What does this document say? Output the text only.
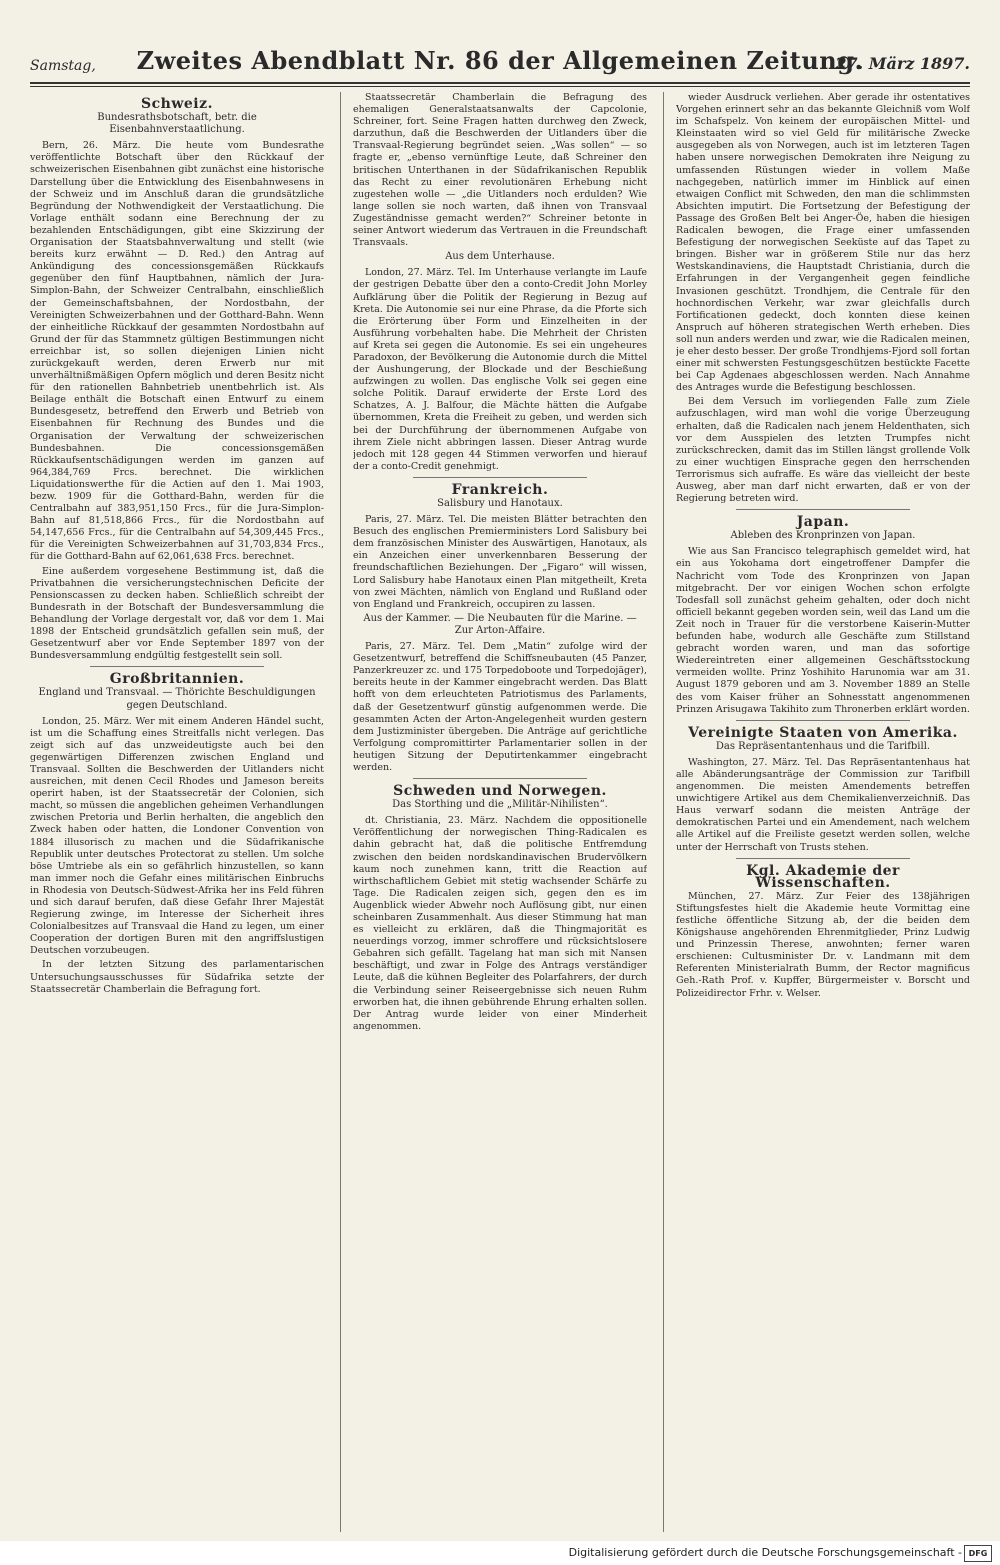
Samstag,	Zweites Abendblatt Nr. 86 der Allgemeinen Zeitung.
27. März 1897.
Schweiz.
Bundesrathsbotschaft, betr. die Eisenbahnverstaatlichung.

Bern, 26. März. Die heute vom Bundesrathe veröffentlichte Botschaft über den Rückkauf der schweizerischen Eisenbahnen gibt zunächst eine historische Darstellung über die Entwicklung des Eisenbahnwesens in der Schweiz und im Anschluß daran die grundsätzliche Begründung der Nothwendigkeit der Verstaatlichung. Die Vorlage enthält sodann eine Berechnung der zu bezahlenden Entschädigungen, gibt eine Skizzirung der Organisation der Staatsbahnverwaltung und stellt (wie bereits kurz erwähnt — D. Red.) den Antrag auf Ankündigung des concessionsgemäßen Rückkaufs gegenüber den fünf Hauptbahnen, nämlich der Jura-Simplon-Bahn, der Schweizer Centralbahn, einschließlich der Gemeinschaftsbahnen, der Nordostbahn, der Vereinigten Schweizerbahnen und der Gotthard-Bahn. Wenn der einheitliche Rückkauf der gesammten Nordostbahn auf Grund der für das Stammnetz gültigen Bestimmungen nicht erreichbar ist, so sollen diejenigen Linien nicht zurückgekauft werden, deren Erwerb nur mit unverhältnißmäßigen Opfern möglich und deren Besitz nicht für den rationellen Bahnbetrieb unentbehrlich ist. Als Beilage enthält die Botschaft einen Entwurf zu einem Bundesgesetz, betreffend den Erwerb und Betrieb von Eisenbahnen für Rechnung des Bundes und die Organisation der Verwaltung der schweizerischen Bundesbahnen. Die concessionsgemäßen Rückkaufsentschädigungen werden im ganzen auf 964,384,769 Frcs. berechnet. Die wirklichen Liquidationswerthe für die Actien auf den 1. Mai 1903, bezw. 1909 für die Gotthard-Bahn, werden für die Centralbahn auf 383,951,150 Frcs., für die Jura-Simplon-Bahn auf 81,518,866 Frcs., für die Nordostbahn auf 54,147,656 Frcs., für die Centralbahn auf 54,309,445 Frcs., für die Vereinigten Schweizerbahnen auf 31,703,834 Frcs., für die Gotthard-Bahn auf 62,061,638 Frcs. berechnet.

Eine außerdem vorgesehene Bestimmung ist, daß die Privatbahnen die versicherungstechnischen Deficite der Pensionscassen zu decken haben. Schließlich schreibt der Bundesrath in der Botschaft der Bundesversammlung die Behandlung der Vorlage dergestalt vor, daß vor dem 1. Mai 1898 der Entscheid grundsätzlich gefallen sein muß, der Gesetzentwurf aber vor Ende September 1897 von der Bundesversammlung endgültig festgestellt sein soll.

Großbritannien.
England und Transvaal. — Thörichte Beschuldigungen gegen Deutschland.

London, 25. März. Wer mit einem Anderen Händel sucht, ist um die Schaffung eines Streitfalls nicht verlegen. Das zeigt sich auf das unzweideutigste auch bei den gegenwärtigen Differenzen zwischen England und Transvaal. Sollten die Beschwerden der Uitlanders nicht ausreichen, mit denen Cecil Rhodes und Jameson bereits operirt haben, ist der Staatssecretär der Colonien, sich macht, so müssen die angeblichen geheimen Verhandlungen zwischen Pretoria und Berlin herhalten, die angeblich den Zweck haben oder hatten, die Londoner Convention von 1884 illusorisch zu machen und die Südafrikanische Republik unter deutsches Protectorat zu stellen. Um solche böse Umtriebe als ein so gefährlich hinzustellen, so kann man immer noch die Gefahr eines militärischen Einbruchs in Rhodesia von Deutsch-Südwest-Afrika her ins Feld führen und sich darauf berufen, daß diese Gefahr Ihrer Majestät Regierung zwinge, im Interesse der Sicherheit ihres Colonialbesitzes auf Transvaal die Hand zu legen, um einer Cooperation der dortigen Buren mit den angriffslustigen Deutschen vorzubeugen.

In der letzten Sitzung des parlamentarischen Untersuchungsausschusses für Südafrika setzte der Staatssecretär Chamberlain die Befragung fort.

Staatssecretär Chamberlain die Befragung des ehemaligen Generalstaatsanwalts der Capcolonie, Schreiner, fort. Seine Fragen hatten durchweg den Zweck, darzuthun, daß die Beschwerden der Uitlanders über die Transvaal-Regierung begründet seien. „Was sollen“ — so fragte er, „ebenso vernünftige Leute, daß Schreiner den britischen Unterthanen in der Südafrikanischen Republik das Recht zu einer revolutionären Erhebung nicht zugestehen wolle — „die Uitlanders noch erdulden? Wie lange sollen sie noch warten, daß ihnen von Transvaal Zugeständnisse gemacht werden?“ Schreiner betonte in seiner Antwort wiederum das Vertrauen in die Freundschaft Transvaals.

Aus dem Unterhause.

London, 27. März. Tel. Im Unterhause verlangte im Laufe der gestrigen Debatte über den a conto-Credit John Morley Aufklärung über die Politik der Regierung in Bezug auf Kreta. Die Autonomie sei nur eine Phrase, da die Pforte sich die Erörterung über Form und Einzelheiten in der Ausführung vorbehalten habe. Die Mehrheit der Christen auf Kreta sei gegen die Autonomie. Es sei ein ungeheures Paradoxon, der Bevölkerung die Autonomie durch die Mittel der Aushungerung, der Blockade und der Beschießung aufzwingen zu wollen. Das englische Volk sei gegen eine solche Politik. Darauf erwiderte der Erste Lord des Schatzes, A. J. Balfour, die Mächte hätten die Aufgabe übernommen, Kreta die Freiheit zu geben, und werden sich bei der Durchführung der übernommenen Aufgabe von ihrem Ziele nicht abbringen lassen. Dieser Antrag wurde jedoch mit 128 gegen 44 Stimmen verworfen und hierauf der a conto-Credit genehmigt.

Frankreich.
Salisbury und Hanotaux.

Paris, 27. März. Tel. Die meisten Blätter betrachten den Besuch des englischen Premierministers Lord Salisbury bei dem französischen Minister des Auswärtigen, Hanotaux, als ein Anzeichen einer unverkennbaren Besserung der freundschaftlichen Beziehungen. Der „Figaro“ will wissen, Lord Salisbury habe Hanotaux einen Plan mitgetheilt, Kreta von zwei Mächten, nämlich von England und Rußland oder von England und Frankreich, occupiren zu lassen.

Aus der Kammer. — Die Neubauten für die Marine. — Zur Arton-Affaire.

Paris, 27. März. Tel. Dem „Matin“ zufolge wird der Gesetzentwurf, betreffend die Schiffsneubauten (45 Panzer, Panzerkreuzer zc. und 175 Torpedoboote und Torpedojäger), bereits heute in der Kammer eingebracht werden. Das Blatt hofft von dem erleuchteten Patriotismus des Parlaments, daß der Gesetzentwurf günstig aufgenommen werde. Die gesammten Acten der Arton-Angelegenheit wurden gestern dem Justizminister übergeben. Die Anträge auf gerichtliche Verfolgung compromittirter Parlamentarier sollen in der heutigen Sitzung der Deputirtenkammer eingebracht werden.

Schweden und Norwegen.
Das Storthing und die „Militär-Nihilisten“.

dt. Christiania, 23. März. Nachdem die oppositionelle Veröffentlichung der norwegischen Thing-Radicalen es dahin gebracht hat, daß die politische Entfremdung zwischen den beiden nordskandinavischen Brudervölkern kaum noch zunehmen kann, tritt die Reaction auf wirthschaftlichem Gebiet mit stetig wachsender Schärfe zu Tage. Die Radicalen zeigen sich, gegen den es im Augenblick wieder Abwehr noch Auflösung gibt, nur einen scheinbaren Zusammenhalt. Aus dieser Stimmung hat man es vielleicht zu erklären, daß die Thingmajorität es neuerdings vorzog, immer schroffere und rücksichtslosere Gebahren sich gefällt. Tagelang hat man sich mit Nansen beschäftigt, und zwar in Folge des Antrags verständiger Leute, daß die kühnen Begleiter des Polarfahrers, der durch die Verbindung seiner Reiseergebnisse sich neuen Ruhm erworben hat, die ihnen gebührende Ehrung erhalten sollen. Der Antrag wurde leider von einer Minderheit angenommen.

wieder Ausdruck verliehen. Aber gerade ihr ostentatives Vorgehen erinnert sehr an das bekannte Gleichniß vom Wolf im Schafspelz. Von keinem der europäischen Mittel- und Kleinstaaten wird so viel Geld für militärische Zwecke ausgegeben als von Norwegen, auch ist im letzteren Tagen haben unsere norwegischen Demokraten ihre Neigung zu umfassenden Rüstungen wieder in vollem Maße nachgegeben, natürlich immer im Hinblick auf einen etwaigen Conflict mit Schweden, den man die schlimmsten Absichten imputirt. Die Fortsetzung der Befestigung der Passage des Großen Belt bei Anger-Öe, haben die hiesigen Radicalen bewogen, die Frage einer umfassenden Befestigung der norwegischen Seeküste auf das Tapet zu bringen. Bisher war in größerem Stile nur das herz Westskandinaviens, die Hauptstadt Christiania, durch die Erfahrungen in der Vergangenheit gegen feindliche Invasionen geschützt. Trondhjem, die Centrale für den hochnordischen Verkehr, war zwar gleichfalls durch Fortificationen gedeckt, doch konnten diese keinen Anspruch auf höheren strategischen Werth erheben. Dies soll nun anders werden und zwar, wie die Radicalen meinen, je eher desto besser. Der große Trondhjems-Fjord soll fortan einer mit schwersten Festungsgeschützen bestückte Facette bei Cap Agdenaes abgeschlossen werden. Nach Annahme des Antrages wurde die Befestigung beschlossen.

Bei dem Versuch im vorliegenden Falle zum Ziele aufzuschlagen, wird man wohl die vorige Überzeugung erhalten, daß die Radicalen nach jenem Heldenthaten, sich vor dem Ausspielen des letzten Trumpfes nicht zurückschrecken, damit das im Stillen längst grollende Volk zu einer wuchtigen Einsprache gegen den herrschenden Terrorismus sich aufraffe. Es wäre das vielleicht der beste Ausweg, aber man darf nicht erwarten, daß er von der Regierung betreten wird.

Japan.
Ableben des Kronprinzen von Japan.

Wie aus San Francisco telegraphisch gemeldet wird, hat ein aus Yokohama dort eingetroffener Dampfer die Nachricht vom Tode des Kronprinzen von Japan mitgebracht. Der vor einigen Wochen schon erfolgte Todesfall soll zunächst geheim gehalten, oder doch nicht officiell bekannt gegeben worden sein, weil das Land um die Zeit noch in Trauer für die verstorbene Kaiserin-Mutter befunden habe, wodurch alle Geschäfte zum Stillstand gebracht worden waren, und man das sofortige Wiedereintreten einer allgemeinen Geschäftsstockung vermeiden wollte. Prinz Yoshihito Harunomia war am 31. August 1879 geboren und am 3. November 1889 an Stelle des vom Kaiser früher an Sohnesstatt angenommenen Prinzen Arisugawa Takihito zum Thronerben erklärt worden.

Vereinigte Staaten von Amerika.
Das Repräsentantenhaus und die Tarifbill.

Washington, 27. März. Tel. Das Repräsentantenhaus hat alle Abänderungsanträge der Commission zur Tarifbill angenommen. Die meisten Amendements betreffen unwichtigere Artikel aus dem Chemikalienverzeichniß. Das Haus verwarf sodann die meisten Anträge der demokratischen Partei und ein Amendement, nach welchem alle Artikel auf die Freiliste gesetzt werden sollen, welche unter der Herrschaft von Trusts stehen.

Kgl. Akademie der Wissenschaften.

München, 27. März. Zur Feier des 138jährigen Stiftungsfestes hielt die Akademie heute Vormittag eine festliche öffentliche Sitzung ab, der die beiden dem Königshause angehörenden Ehrenmitglieder, Prinz Ludwig und Prinzessin Therese, anwohnten; ferner waren erschienen: Cultusminister Dr. v. Landmann mit dem Referenten Ministerialrath Bumm, der Rector magnificus Geh.-Rath Prof. v. Kupffer, Bürgermeister v. Borscht und Polizeidirector Frhr. v. Welser.

Digitalisierung gefördert durch die Deutsche Forschungsgemeinschaft - DFG
